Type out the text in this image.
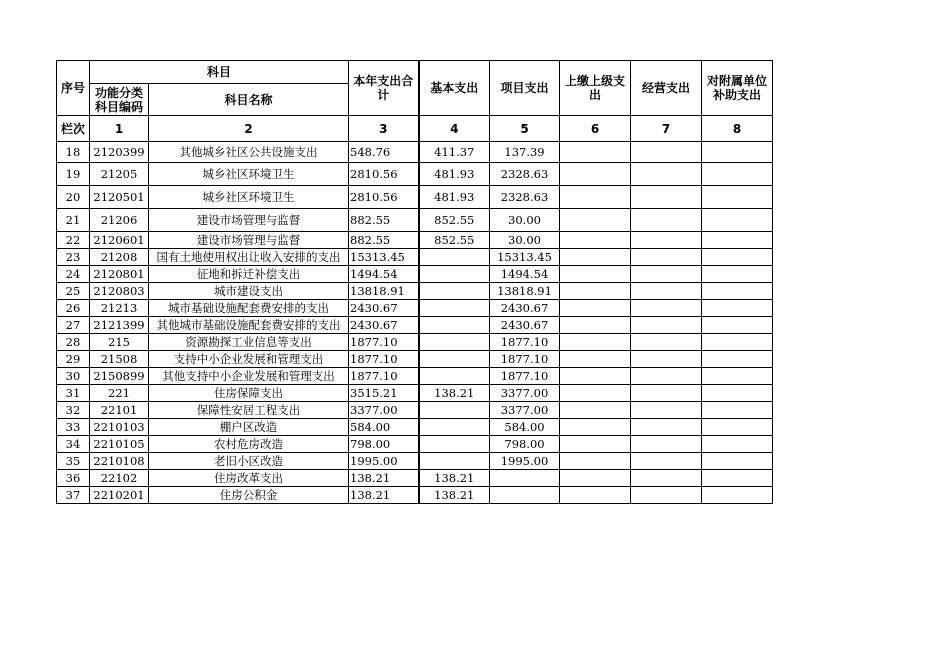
序号	科目		本年支出合计	基本支出	项目支出	上缴上级支出	经营支出	对附属单位补助支出
	功能分类科目编码	科目名称						
栏次	1	2	3	4	5	6	7	8
18	2120399	其他城乡社区公共设施支出	548.76	411.37	137.39			
19	21205	城乡社区环境卫生	2810.56	481.93	2328.63			
20	2120501	城乡社区环境卫生	2810.56	481.93	2328.63			
21	21206	建设市场管理与监督	882.55	852.55	30.00			
22	2120601	建设市场管理与监督	882.55	852.55	30.00			
23	21208	国有土地使用权出让收入安排的支出	15313.45		15313.45			
24	2120801	征地和拆迁补偿支出	1494.54		1494.54			
25	2120803	城市建设支出	13818.91		13818.91			
26	21213	城市基础设施配套费安排的支出	2430.67		2430.67			
27	2121399	其他城市基础设施配套费安排的支出	2430.67		2430.67			
28	215	资源勘探工业信息等支出	1877.10		1877.10			
29	21508	支持中小企业发展和管理支出	1877.10		1877.10			
30	2150899	其他支持中小企业发展和管理支出	1877.10		1877.10			
31	221	住房保障支出	3515.21	138.21	3377.00			
32	22101	保障性安居工程支出	3377.00		3377.00			
33	2210103	棚户区改造	584.00		584.00			
34	2210105	农村危房改造	798.00		798.00			
35	2210108	老旧小区改造	1995.00		1995.00			
36	22102	住房改革支出	138.21	138.21				
37	2210201	住房公积金	138.21	138.21				
